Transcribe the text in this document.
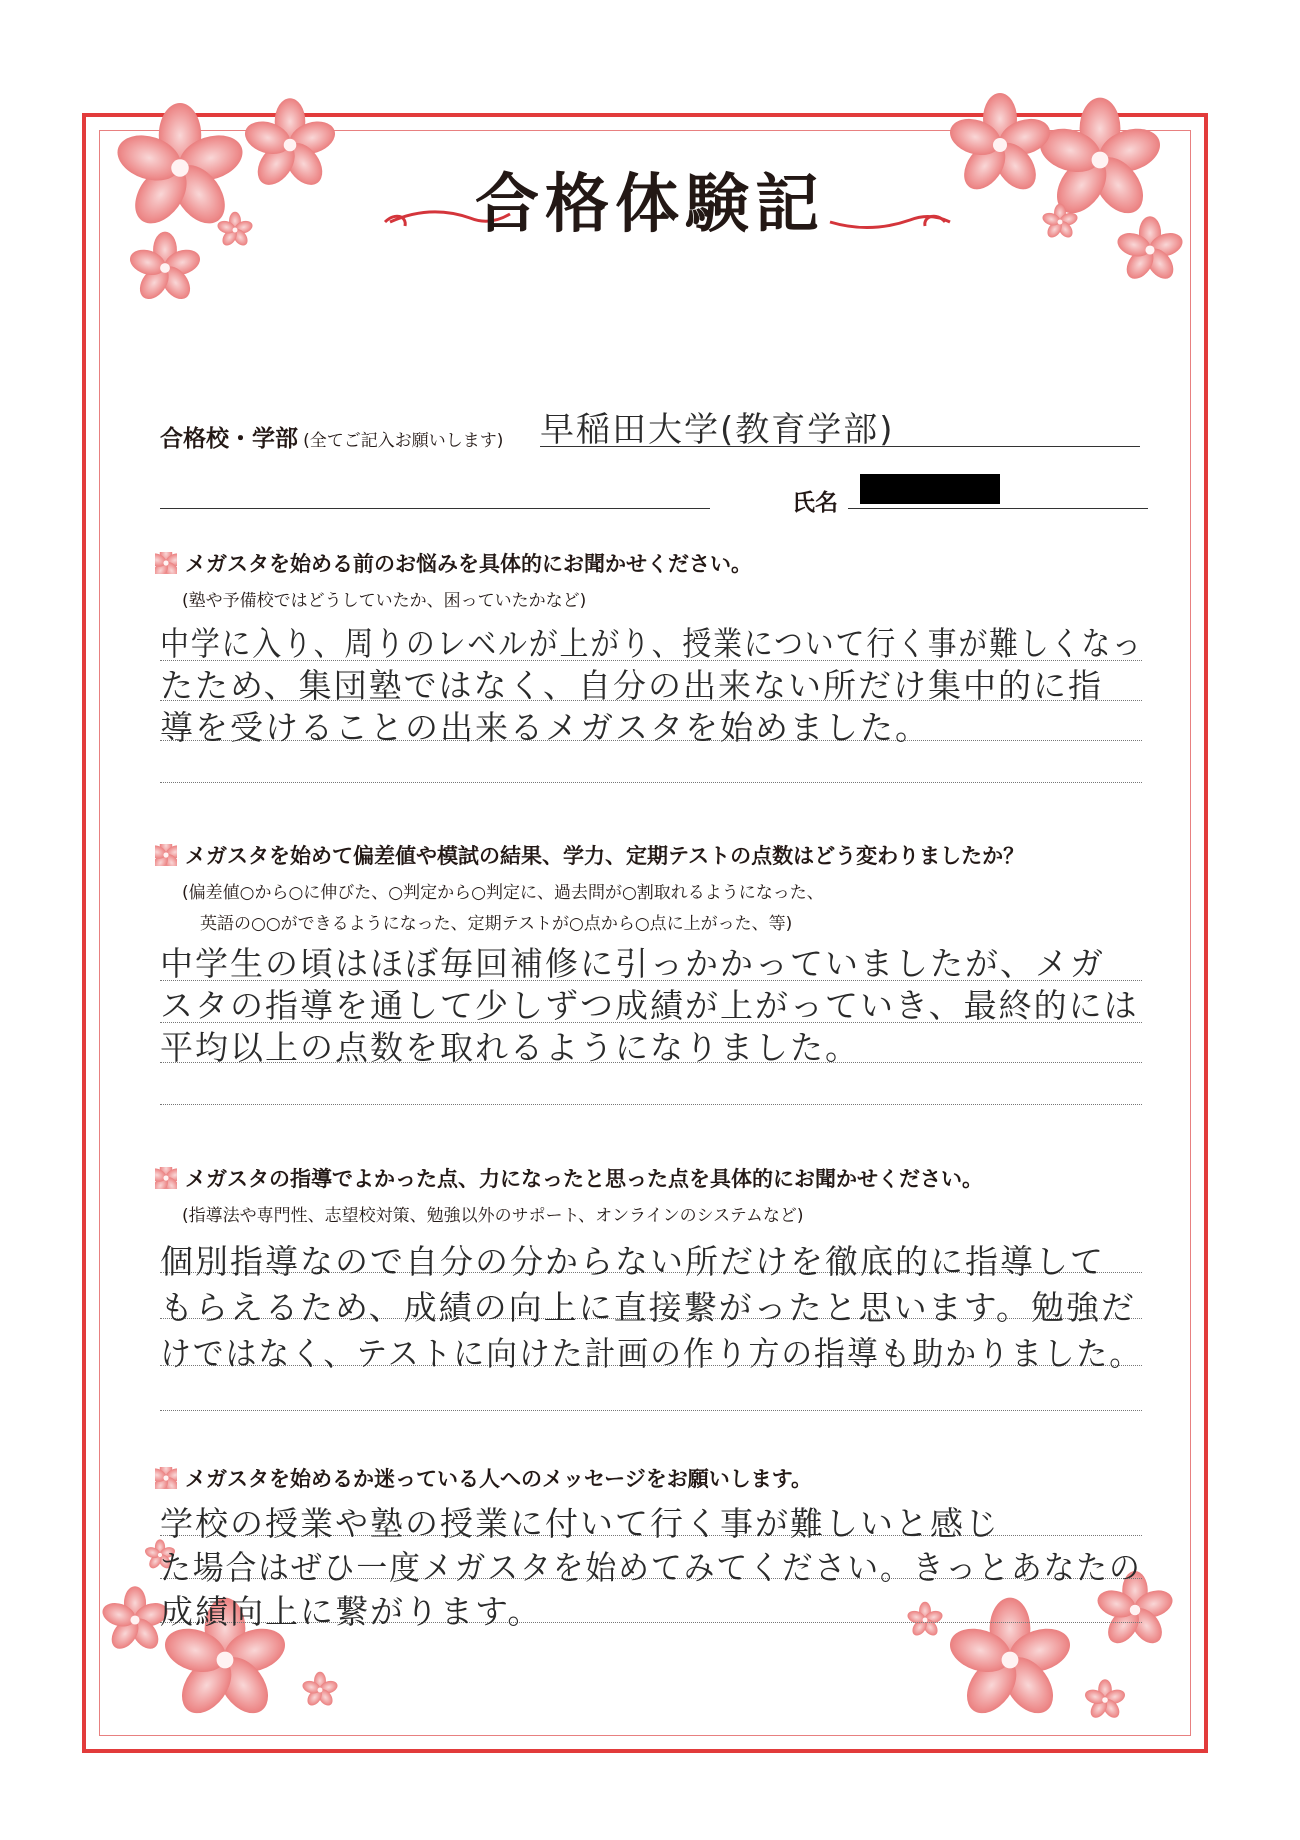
合格体験記
合格校・学部 (全てご記入お願いします) 早稲田大学(教育学部)
氏名
メガスタを始める前のお悩みを具体的にお聞かせください。
(塾や予備校ではどうしていたか、困っていたかなど)
中学に入り、周りのレベルが上がり、授業について行く事が難しくなっ
たため、集団塾ではなく、自分の出来ない所だけ集中的に指
導を受けることの出来るメガスタを始めました。
メガスタを始めて偏差値や模試の結果、学力、定期テストの点数はどう変わりましたか？
(偏差値○から○に伸びた、○判定から○判定に、過去問が○割取れるようになった、
英語の○○ができるようになった、定期テストが○点から○点に上がった、等)
中学生の頃はほぼ毎回補修に引っかかっていましたが、メガ
スタの指導を通して少しずつ成績が上がっていき、最終的には
平均以上の点数を取れるようになりました。
メガスタの指導でよかった点、力になったと思った点を具体的にお聞かせください。
(指導法や専門性、志望校対策、勉強以外のサポート、オンラインのシステムなど)
個別指導なので自分の分からない所だけを徹底的に指導して
もらえるため、成績の向上に直接繋がったと思います。勉強だ
けではなく、テストに向けた計画の作り方の指導も助かりました。
メガスタを始めるか迷っている人へのメッセージをお願いします。
学校の授業や塾の授業に付いて行く事が難しいと感じ
た場合はぜひ一度メガスタを始めてみてください。きっとあなたの
成績向上に繋がります。
